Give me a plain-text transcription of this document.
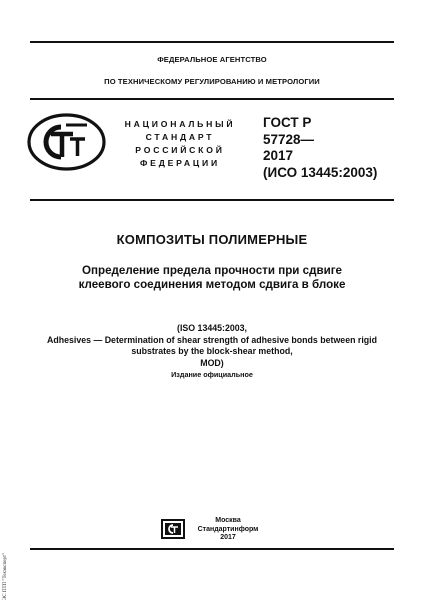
ФЕДЕРАЛЬНОЕ АГЕНТСТВО
ПО ТЕХНИЧЕСКОМУ РЕГУЛИРОВАНИЮ И МЕТРОЛОГИИ
НАЦИОНАЛЬНЫЙ
СТАНДАРТ
РОССИЙСКОЙ
ФЕДЕРАЦИИ
ГОСТ Р
57728—
2017
(ИСО 13445:2003)
КОМПОЗИТЫ ПОЛИМЕРНЫЕ
Определение предела прочности при сдвиге
клеевого соединения методом сдвига в блоке
(ISO 13445:2003,
Adhesives — Determination of shear strength of adhesive bonds between rigid
substrates by the block-shear method,
MOD)
Издание официальное
Москва
Стандартинформ
2017
ЭС ПТП "Техэксперт"
